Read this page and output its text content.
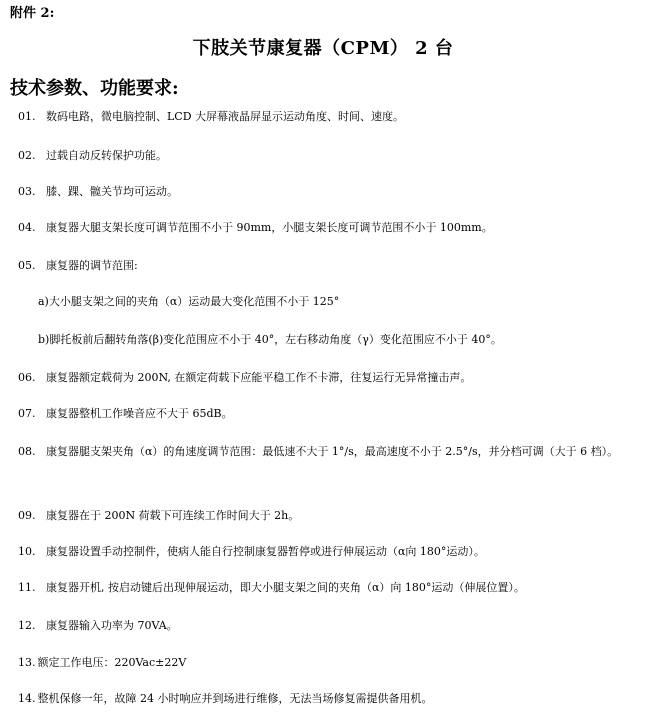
附件 2:
下肢关节康复器（CPM） 2 台
技术参数、功能要求:
01. 数码电路，微电脑控制、LCD 大屏幕液晶屏显示运动角度、时间、速度。
02. 过载自动反转保护功能。
03. 膝、踝、髋关节均可运动。
04. 康复器大腿支架长度可调节范围不小于 90mm，小腿支架长度可调节范围不小于 100mm。
05. 康复器的调节范围:
a)大小腿支架之间的夹角（α）运动最大变化范围不小于 125°
b)脚托板前后翻转角落(β)变化范围应不小于 40°，左右移动角度（γ）变化范围应不小于 40°。
06. 康复器额定载荷为 200N, 在额定荷载下应能平稳工作不卡滞，往复运行无异常撞击声。
07. 康复器整机工作噪音应不大于 65dB。
08. 康复器腿支架夹角（α）的角速度调节范围：最低速不大于 1°/s，最高速度不小于 2.5°/s，并分档可调（大于 6 档）。
09. 康复器在于 200N 荷载下可连续工作时间大于 2h。
10. 康复器设置手动控制件，使病人能自行控制康复器暂停或进行伸展运动（α向 180°运动）。
11. 康复器开机, 按启动键后出现伸展运动，即大小腿支架之间的夹角（α）向 180°运动（伸展位置）。
12. 康复器输入功率为 70VA。
13. 额定工作电压：220Vac±22V
14. 整机保修一年，故障 24 小时响应并到场进行维修，无法当场修复需提供备用机。
